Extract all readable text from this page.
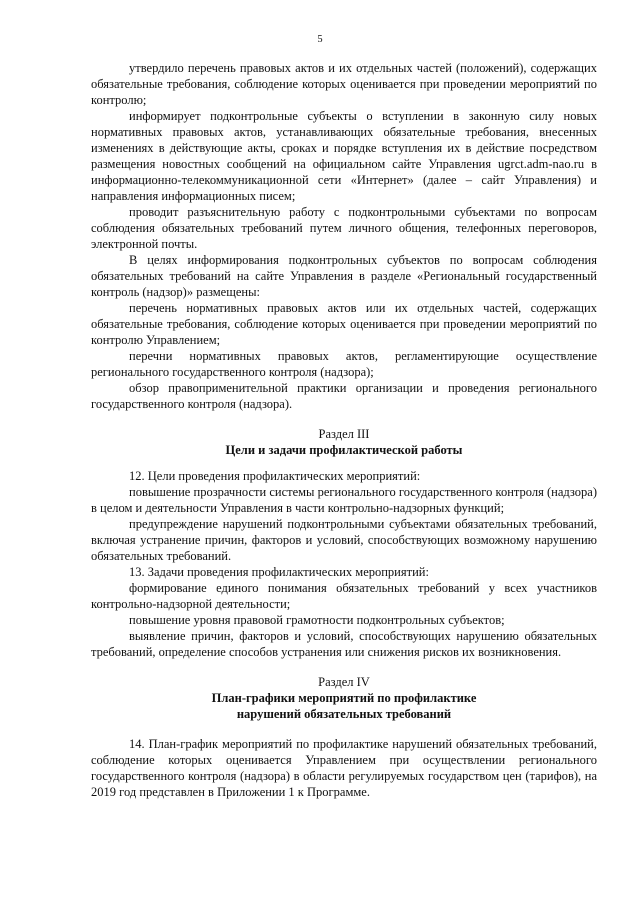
5

утвердило перечень правовых актов и их отдельных частей (положений), содержащих обязательные требования, соблюдение которых оценивается при проведении мероприятий по контролю;

информирует подконтрольные субъекты о вступлении в законную силу новых нормативных правовых актов, устанавливающих обязательные требования, внесенных изменениях в действующие акты, сроках и порядке вступления их в действие посредством размещения новостных сообщений на официальном сайте Управления ugrct.adm-nao.ru в информационно-телекоммуникационной сети «Интернет» (далее – сайт Управления) и направления информационных писем;

проводит разъяснительную работу с подконтрольными субъектами по вопросам соблюдения обязательных требований путем личного общения, телефонных переговоров, электронной почты.

В целях информирования подконтрольных субъектов по вопросам соблюдения обязательных требований на сайте Управления в разделе «Региональный государственный контроль (надзор)» размещены:

перечень нормативных правовых актов или их отдельных частей, содержащих обязательные требования, соблюдение которых оценивается при проведении мероприятий по контролю Управлением;

перечни нормативных правовых актов, регламентирующие осуществление регионального государственного контроля (надзора);

обзор правоприменительной практики организации и проведения регионального государственного контроля (надзора).

Раздел III
Цели и задачи профилактической работы

12. Цели проведения профилактических мероприятий:

повышение прозрачности системы регионального государственного контроля (надзора) в целом и деятельности Управления в части контрольно-надзорных функций;

предупреждение нарушений подконтрольными субъектами обязательных требований, включая устранение причин, факторов и условий, способствующих возможному нарушению обязательных требований.

13. Задачи проведения профилактических мероприятий:

формирование единого понимания обязательных требований у всех участников контрольно-надзорной деятельности;

повышение уровня правовой грамотности подконтрольных субъектов;

выявление причин, факторов и условий, способствующих нарушению обязательных требований, определение способов устранения или снижения рисков их возникновения.

Раздел IV
План-графики мероприятий по профилактике
нарушений обязательных требований

14. План-график мероприятий по профилактике нарушений обязательных требований, соблюдение которых оценивается Управлением при осуществлении регионального государственного контроля (надзора) в области регулируемых государством цен (тарифов), на 2019 год представлен в Приложении 1 к Программе.
